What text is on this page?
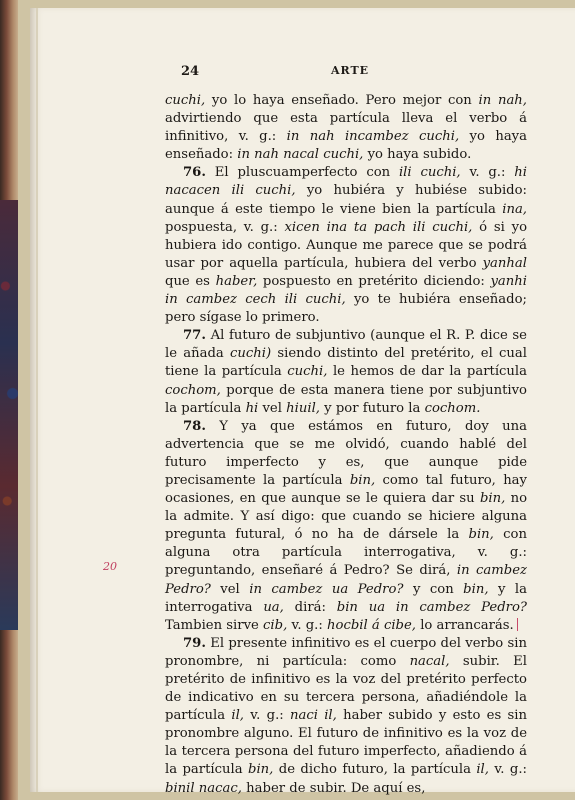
24	ARTE
20

cuchi, yo lo haya enseñado. Pero mejor con in nah, advirtiendo que esta partícula lleva el verbo á infinitivo, v. g.: in nah incambez cuchi, yo haya enseñado: in nah nacal cuchi, yo haya subido.

76. El pluscuamperfecto con ili cuchi, v. g.: hi nacacen ili cuchi, yo hubiéra y hubiése subido: aunque á este tiempo le viene bien la partícula ina, pospuesta, v. g.: xicen ina ta pach ili cuchi, ó si yo hubiera ido contigo. Aunque me parece que se podrá usar por aquella partícula, hubiera del verbo yanhal que es haber, pospuesto en pretérito diciendo: yanhi in cambez cech ili cuchi, yo te hubiéra enseñado; pero sígase lo primero.

77. Al futuro de subjuntivo (aunque el R. P. dice se le añada cuchi) siendo distinto del pretérito, el cual tiene la partícula cuchi, le hemos de dar la partícula cochom, porque de esta manera tiene por subjuntivo la partícula hi vel hiuil, y por futuro la cochom.

78. Y ya que estámos en futuro, doy una advertencia que se me olvidó, cuando hablé del futuro imperfecto y es, que aunque pide precisamente la partícula bin, como tal futuro, hay ocasiones, en que aunque se le quiera dar su bin, no la admite. Y así digo: que cuando se hiciere alguna pregunta futural, ó no ha de dársele la bin, con alguna otra partícula interrogativa, v. g.: preguntando, enseñaré á Pedro? Se dirá, in cambez Pedro? vel in cambez ua Pedro? y con bin, y la interrogativa ua, dirá: bin ua in cambez Pedro? Tambien sirve cib, v. g.: hocbil á cibe, lo arrancarás.

79. El presente infinitivo es el cuerpo del verbo sin pronombre, ni partícula: como nacal, subir. El pretérito de infinitivo es la voz del pretérito perfecto de indicativo en su tercera persona, añadiéndole la partícula il, v. g.: naci il, haber subido y esto es sin pronombre alguno. El futuro de infinitivo es la voz de la tercera persona del futuro imperfecto, añadiendo á la partícula bin, de dicho futuro, la partícula il, v. g.: binil nacac, haber de subir. De aquí es,
